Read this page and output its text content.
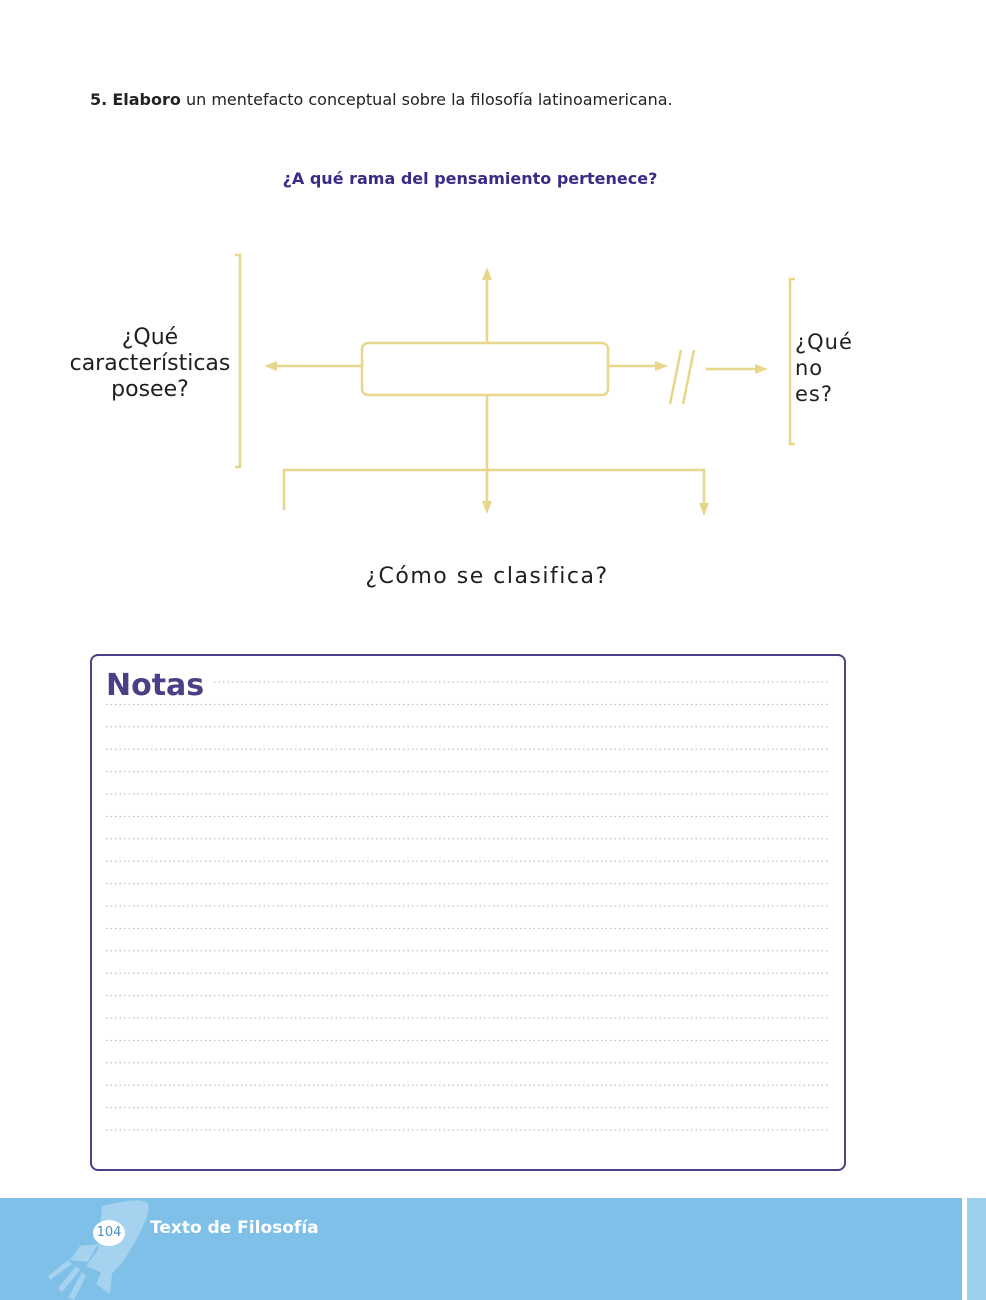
5. Elaboro un mentefacto conceptual sobre la filosofía latinoamericana.
¿A qué rama del pensamiento pertenece?
¿Qué
características
posee?
¿Qué
no
es?
¿Cómo se clasifica?
Notas
104 Texto de Filosofía
